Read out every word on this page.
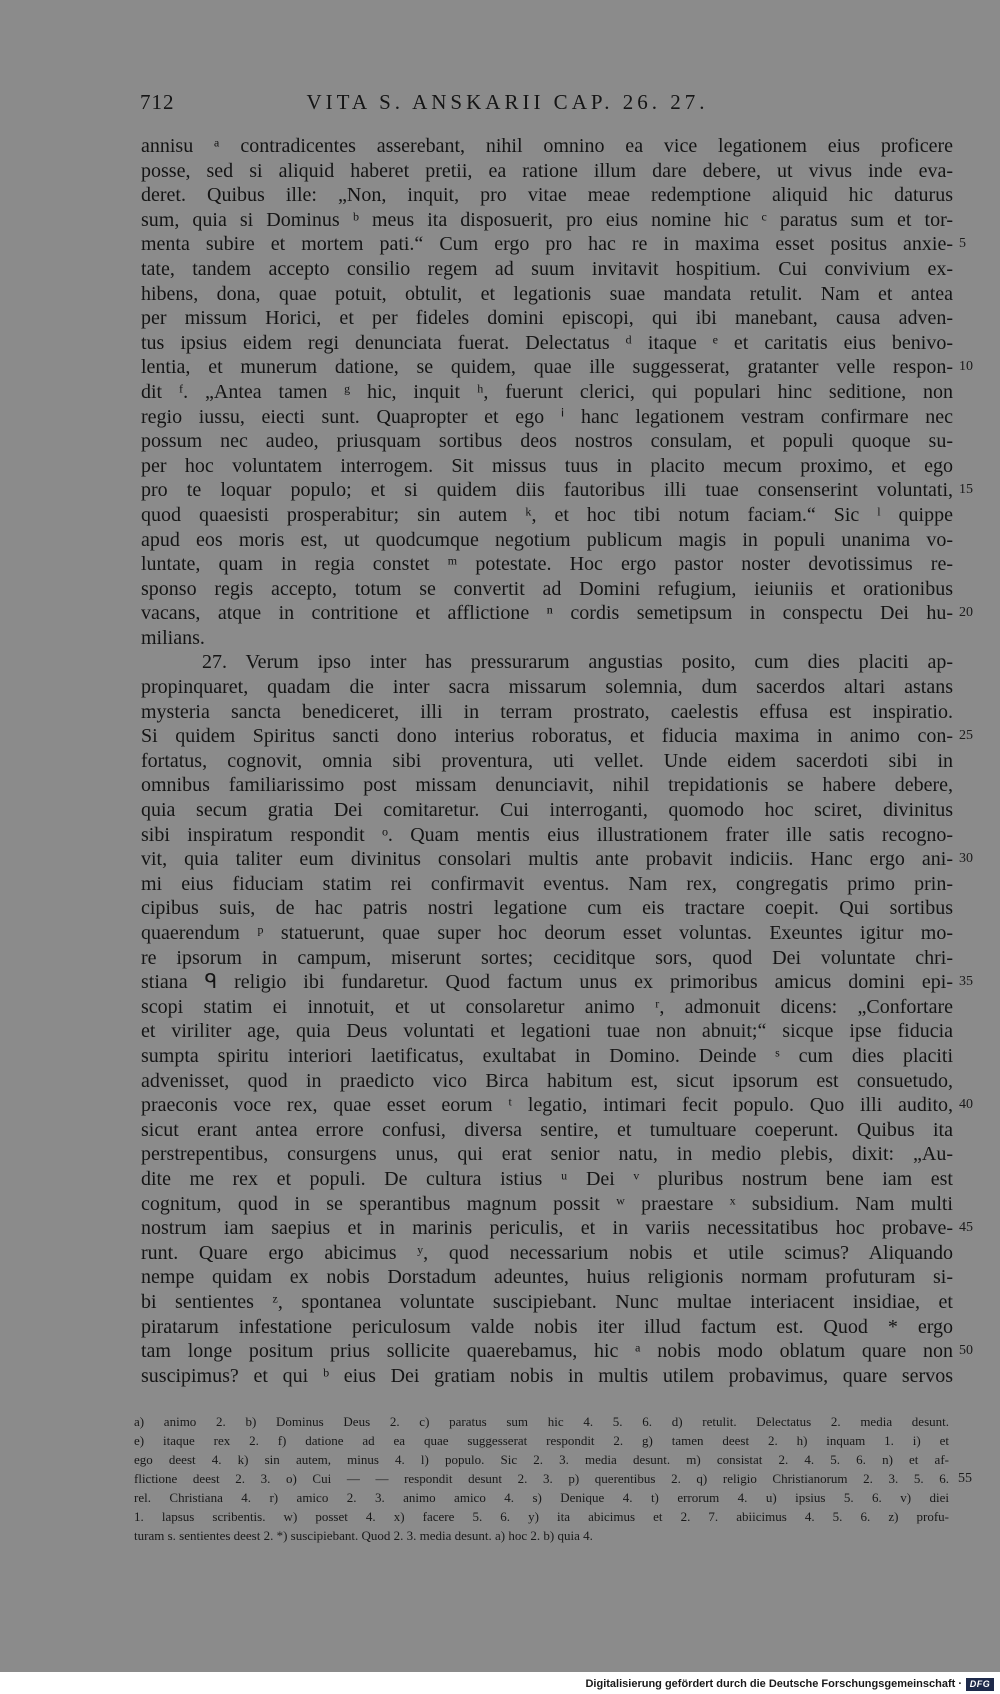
712	VITA S. ANSKARII CAP. 26. 27.
annisu ᵃ contradicentes asserebant, nihil omnino ea vice legationem eius proficere
posse, sed si aliquid haberet pretii, ea ratione illum dare debere, ut vivus inde eva-
deret. Quibus ille: „Non, inquit, pro vitae meae redemptione aliquid hic daturus
sum, quia si Dominus ᵇ meus ita disposuerit, pro eius nomine hic ᶜ paratus sum et tor-
menta subire et mortem pati.“ Cum ergo pro hac re in maxima esset positus anxie- 5
tate, tandem accepto consilio regem ad suum invitavit hospitium. Cui convivium ex-
hibens, dona, quae potuit, obtulit, et legationis suae mandata retulit. Nam et antea
per missum Horici, et per fideles domini episcopi, qui ibi manebant, causa adven-
tus ipsius eidem regi denunciata fuerat. Delectatus ᵈ itaque ᵉ et caritatis eius benivo-
lentia, et munerum datione, se quidem, quae ille suggesserat, gratanter velle respon- 10
dit ᶠ. „Antea tamen ᵍ hic, inquit ʰ, fuerunt clerici, qui populari hinc seditione, non
regio iussu, eiecti sunt. Quapropter et ego ⁱ hanc legationem vestram confirmare nec
possum nec audeo, priusquam sortibus deos nostros consulam, et populi quoque su-
per hoc voluntatem interrogem. Sit missus tuus in placito mecum proximo, et ego
pro te loquar populo; et si quidem diis fautoribus illi tuae consenserint voluntati, 15
quod quaesisti prosperabitur; sin autem ᵏ, et hoc tibi notum faciam.“ Sic ˡ quippe
apud eos moris est, ut quodcumque negotium publicum magis in populi unanima vo-
luntate, quam in regia constet ᵐ potestate. Hoc ergo pastor noster devotissimus re-
sponso regis accepto, totum se convertit ad Domini refugium, ieiuniis et orationibus
vacans, atque in contritione et afflictione ⁿ cordis semetipsum in conspectu Dei hu- 20
milians.
27. Verum ipso inter has pressurarum angustias posito, cum dies placiti ap-
propinquaret, quadam die inter sacra missarum solemnia, dum sacerdos altari astans
mysteria sancta benediceret, illi in terram prostrato, caelestis effusa est inspiratio.
Si quidem Spiritus sancti dono interius roboratus, et fiducia maxima in animo con- 25
fortatus, cognovit, omnia sibi proventura, uti vellet. Unde eidem sacerdoti sibi in
omnibus familiarissimo post missam denunciavit, nihil trepidationis se habere debere,
quia secum gratia Dei comitaretur. Cui interroganti, quomodo hoc sciret, divinitus
sibi inspiratum respondit ᵒ. Quam mentis eius illustrationem frater ille satis recogno-
vit, quia taliter eum divinitus consolari multis ante probavit indiciis. Hanc ergo ani- 30
mi eius fiduciam statim rei confirmavit eventus. Nam rex, congregatis primo prin-
cipibus suis, de hac patris nostri legatione cum eis tractare coepit. Qui sortibus
quaerendum ᵖ statuerunt, quae super hoc deorum esset voluntas. Exeuntes igitur mo-
re ipsorum in campum, miserunt sortes; ceciditque sors, quod Dei voluntate chri-
stiana ᑫ religio ibi fundaretur. Quod factum unus ex primoribus amicus domini epi- 35
scopi statim ei innotuit, et ut consolaretur animo ʳ, admonuit dicens: „Confortare
et viriliter age, quia Deus voluntati et legationi tuae non abnuit;“ sicque ipse fiducia
sumpta spiritu interiori laetificatus, exultabat in Domino. Deinde ˢ cum dies placiti
advenisset, quod in praedicto vico Birca habitum est, sicut ipsorum est consuetudo,
praeconis voce rex, quae esset eorum ᵗ legatio, intimari fecit populo. Quo illi audito, 40
sicut erant antea errore confusi, diversa sentire, et tumultuare coeperunt. Quibus ita
perstrepentibus, consurgens unus, qui erat senior natu, in medio plebis, dixit: „Au-
dite me rex et populi. De cultura istius ᵘ Dei ᵛ pluribus nostrum bene iam est
cognitum, quod in se sperantibus magnum possit ʷ praestare ˣ subsidium. Nam multi
nostrum iam saepius et in marinis periculis, et in variis necessitatibus hoc probave- 45
runt. Quare ergo abicimus ʸ, quod necessarium nobis et utile scimus? Aliquando
nempe quidam ex nobis Dorstadum adeuntes, huius religionis normam profuturam si-
bi sentientes ᶻ, spontanea voluntate suscipiebant. Nunc multae interiacent insidiae, et
piratarum infestatione periculosum valde nobis iter illud factum est. Quod * ergo
tam longe positum prius sollicite quaerebamus, hic ᵃ nobis modo oblatum quare non 50
suscipimus? et qui ᵇ eius Dei gratiam nobis in multis utilem probavimus, quare servos
a) animo 2. b) Dominus Deus 2. c) paratus sum hic 4. 5. 6. d) retulit. Delectatus 2. media desunt.
e) itaque rex 2. f) datione ad ea quae suggesserat respondit 2. g) tamen deest 2. h) inquam 1. i) et
ego deest 4. k) sin autem, minus 4. l) populo. Sic 2. 3. media desunt. m) consistat 2. 4. 5. 6. n) et af-
flictione deest 2. 3. o) Cui — — respondit desunt 2. 3. p) querentibus 2. q) religio Christianorum 2. 3. 5. 6. 55
rel. Christiana 4. r) amico 2. 3. animo amico 4. s) Denique 4. t) errorum 4. u) ipsius 5. 6. v) diei
1. lapsus scribentis. w) posset 4. x) facere 5. 6. y) ita abicimus et 2. 7. abiicimus 4. 5. 6. z) profu-
turam s. sentientes deest 2. *) suscipiebant. Quod 2. 3. media desunt. a) hoc 2. b) quia 4.
Digitalisierung gefördert durch die Deutsche Forschungsgemeinschaft · DFG
